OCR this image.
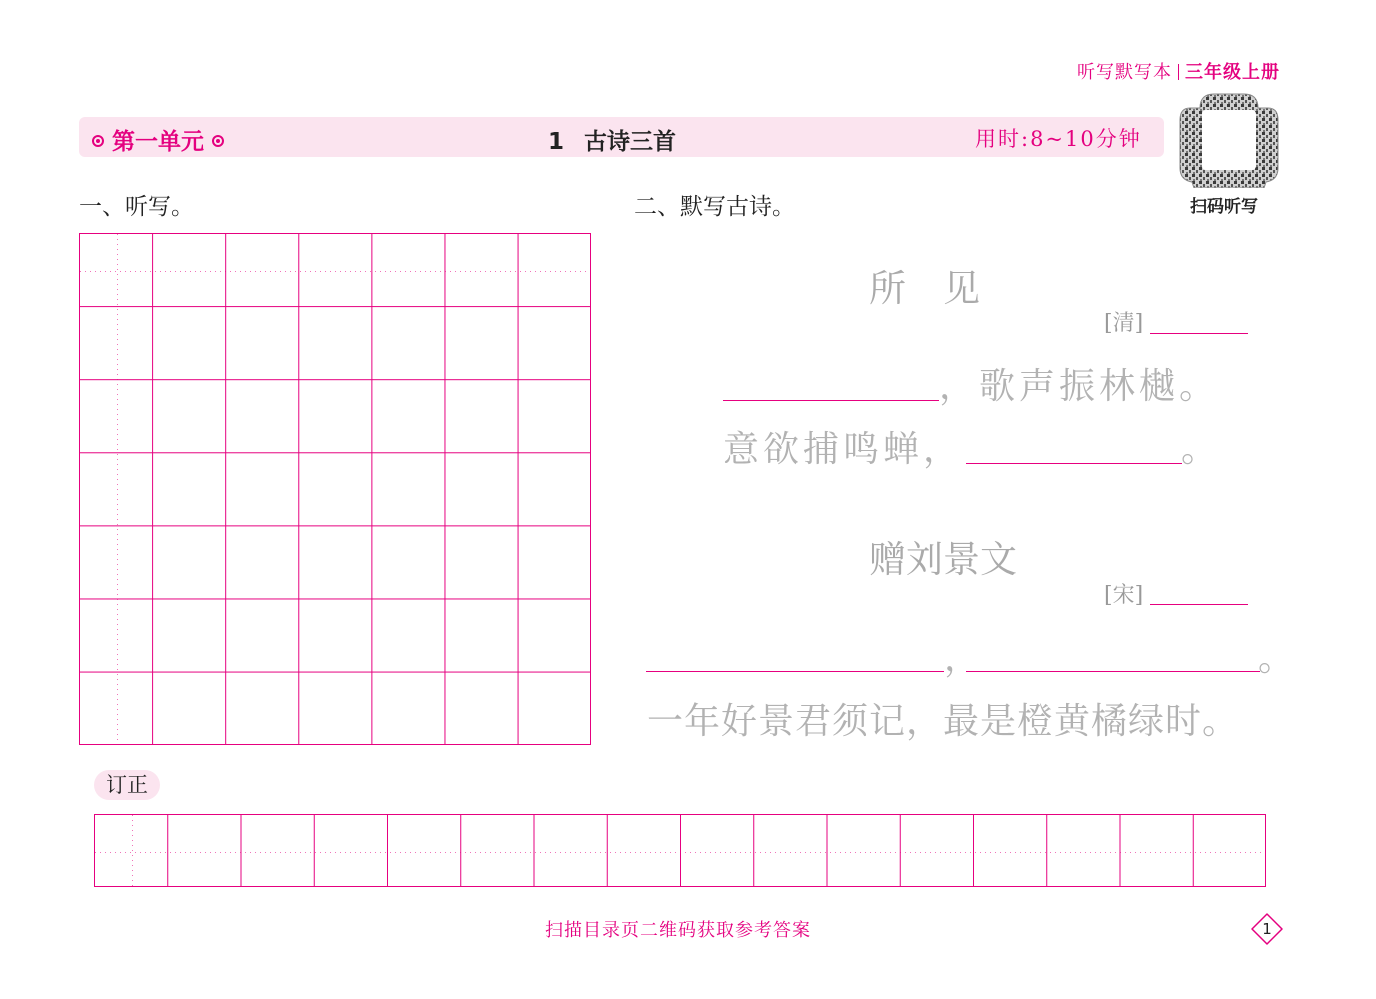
听写默写本 三年级上册
第一单元	1 古诗三首	用时:8~10分钟
扫码听写
一、听写。	二、默写古诗。
所　见
[清]
，歌声振林樾。
意欲捕鸣蝉，	。
赠刘景文
[宋]
，	。
一年好景君须记，最是橙黄橘绿时。
订正
扫描目录页二维码获取参考答案	1
